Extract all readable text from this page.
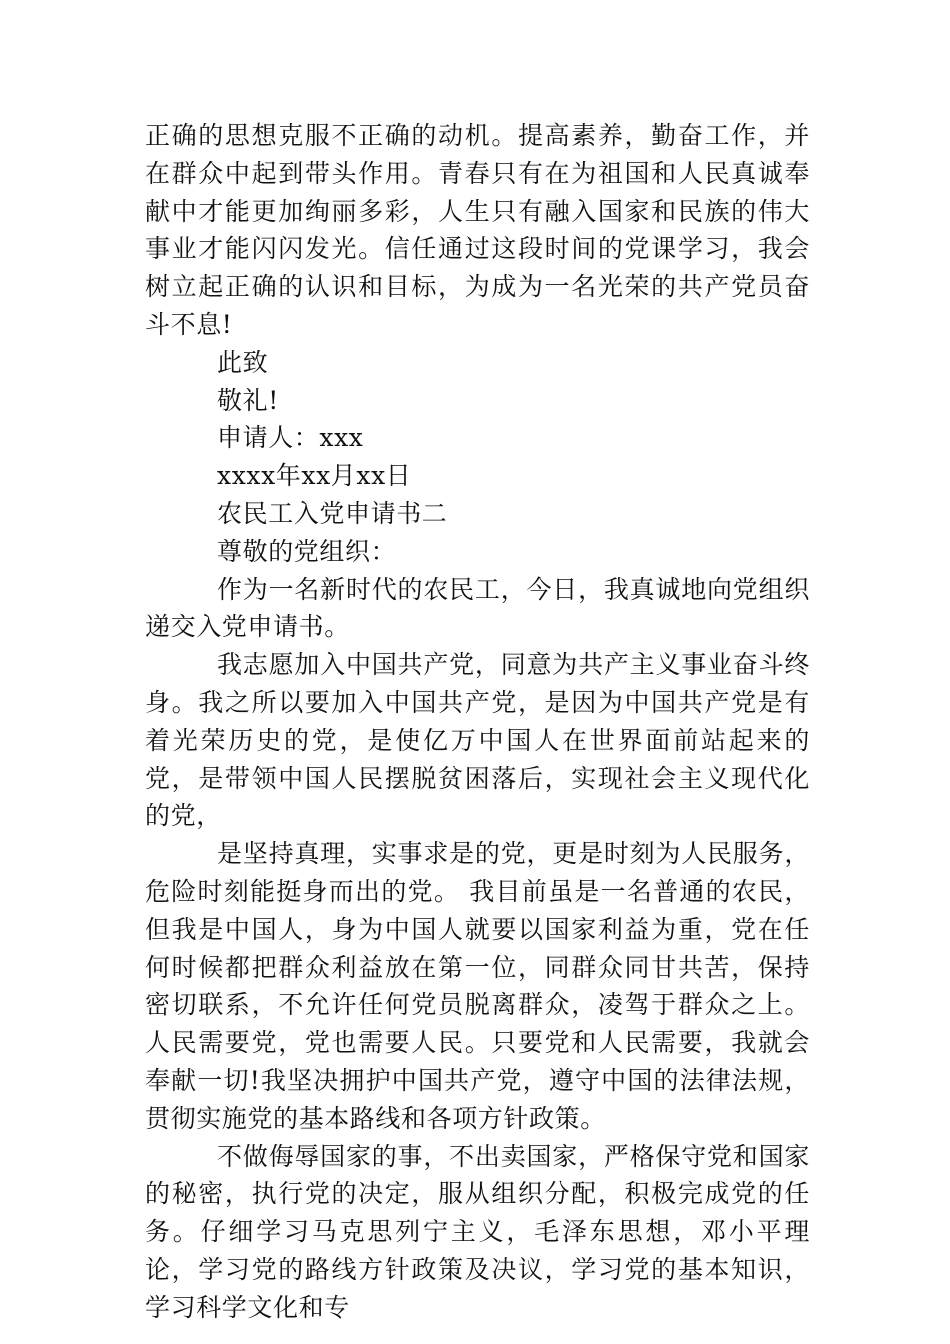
正确的思想克服不正确的动机。提高素养，勤奋工作，并在群众中起到带头作用。青春只有在为祖国和人民真诚奉献中才能更加绚丽多彩，人生只有融入国家和民族的伟大事业才能闪闪发光。信任通过这段时间的党课学习，我会树立起正确的认识和目标，为成为一名光荣的共产党员奋斗不息!

此致

敬礼!

申请人：xxx

xxxx年xx月xx日

农民工入党申请书二

尊敬的党组织：

作为一名新时代的农民工，今日，我真诚地向党组织递交入党申请书。

我志愿加入中国共产党，同意为共产主义事业奋斗终身。我之所以要加入中国共产党，是因为中国共产党是有着光荣历史的党，是使亿万中国人在世界面前站起来的党，是带领中国人民摆脱贫困落后，实现社会主义现代化的党，

是坚持真理，实事求是的党，更是时刻为人民服务，危险时刻能挺身而出的党。 我目前虽是一名普通的农民，但我是中国人，身为中国人就要以国家利益为重，党在任何时候都把群众利益放在第一位，同群众同甘共苦，保持密切联系，不允许任何党员脱离群众，凌驾于群众之上。人民需要党，党也需要人民。只要党和人民需要，我就会奉献一切!我坚决拥护中国共产党，遵守中国的法律法规，贯彻实施党的基本路线和各项方针政策。

不做侮辱国家的事，不出卖国家，严格保守党和国家的秘密，执行党的决定，服从组织分配，积极完成党的任务。仔细学习马克思列宁主义，毛泽东思想，邓小平理论，学习党的路线方针政策及决议，学习党的基本知识，学习科学文化和专
